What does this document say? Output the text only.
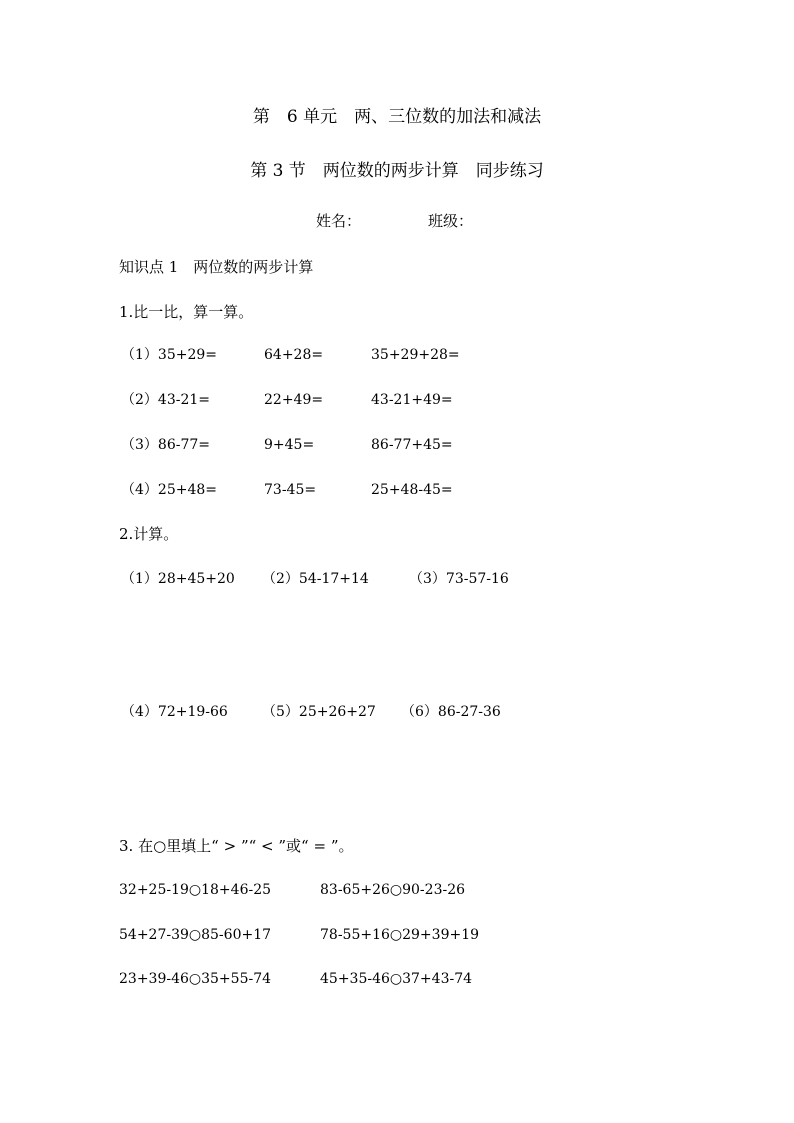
第　6 单元　两、三位数的加法和减法
第 3 节　两位数的两步计算　同步练习
姓名：	班级：
知识点 1　两位数的两步计算
1.比一比，算一算。
（1）35+29=	64+28=	35+29+28=
（2）43-21=	22+49=	43-21+49=
（3）86-77=	9+45=	86-77+45=
（4）25+48=	73-45=	25+48-45=
2.计算。
（1）28+45+20 （2）54-17+14	（3）73-57-16
（4）72+19-66 （5）25+26+27 （6）86-27-36
3. 在○里填上“ > ”“ < ”或“ = ”。
32+25-19○18+46-25	83-65+26○90-23-26
54+27-39○85-60+17	78-55+16○29+39+19
23+39-46○35+55-74	45+35-46○37+43-74
